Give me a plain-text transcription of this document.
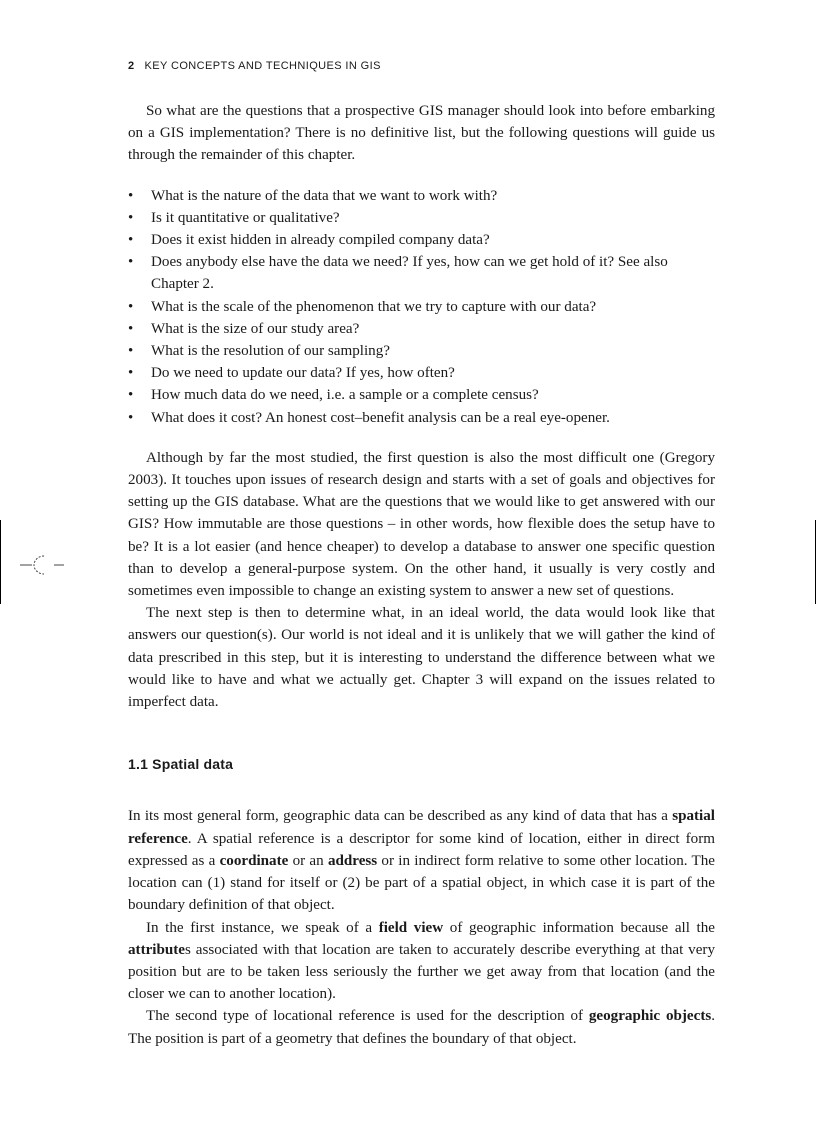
2 KEY CONCEPTS AND TECHNIQUES IN GIS

So what are the questions that a prospective GIS manager should look into before embarking on a GIS implementation? There is no definitive list, but the following questions will guide us through the remainder of this chapter.

• What is the nature of the data that we want to work with?
• Is it quantitative or qualitative?
• Does it exist hidden in already compiled company data?
• Does anybody else have the data we need? If yes, how can we get hold of it? See also Chapter 2.
• What is the scale of the phenomenon that we try to capture with our data?
• What is the size of our study area?
• What is the resolution of our sampling?
• Do we need to update our data? If yes, how often?
• How much data do we need, i.e. a sample or a complete census?
• What does it cost? An honest cost–benefit analysis can be a real eye-opener.

Although by far the most studied, the first question is also the most difficult one (Gregory 2003). It touches upon issues of research design and starts with a set of goals and objectives for setting up the GIS database. What are the questions that we would like to get answered with our GIS? How immutable are those questions – in other words, how flexible does the setup have to be? It is a lot easier (and hence cheaper) to develop a database to answer one specific question than to develop a general-purpose system. On the other hand, it usually is very costly and sometimes even impossible to change an existing system to answer a new set of questions.

The next step is then to determine what, in an ideal world, the data would look like that answers our question(s). Our world is not ideal and it is unlikely that we will gather the kind of data prescribed in this step, but it is interesting to understand the difference between what we would like to have and what we actually get. Chapter 3 will expand on the issues related to imperfect data.

1.1 Spatial data

In its most general form, geographic data can be described as any kind of data that has a spatial reference. A spatial reference is a descriptor for some kind of location, either in direct form expressed as a coordinate or an address or in indirect form relative to some other location. The location can (1) stand for itself or (2) be part of a spatial object, in which case it is part of the boundary definition of that object.

In the first instance, we speak of a field view of geographic information because all the attributes associated with that location are taken to accurately describe everything at that very position but are to be taken less seriously the further we get away from that location (and the closer we can to another location).

The second type of locational reference is used for the description of geographic objects. The position is part of a geometry that defines the boundary of that object.
